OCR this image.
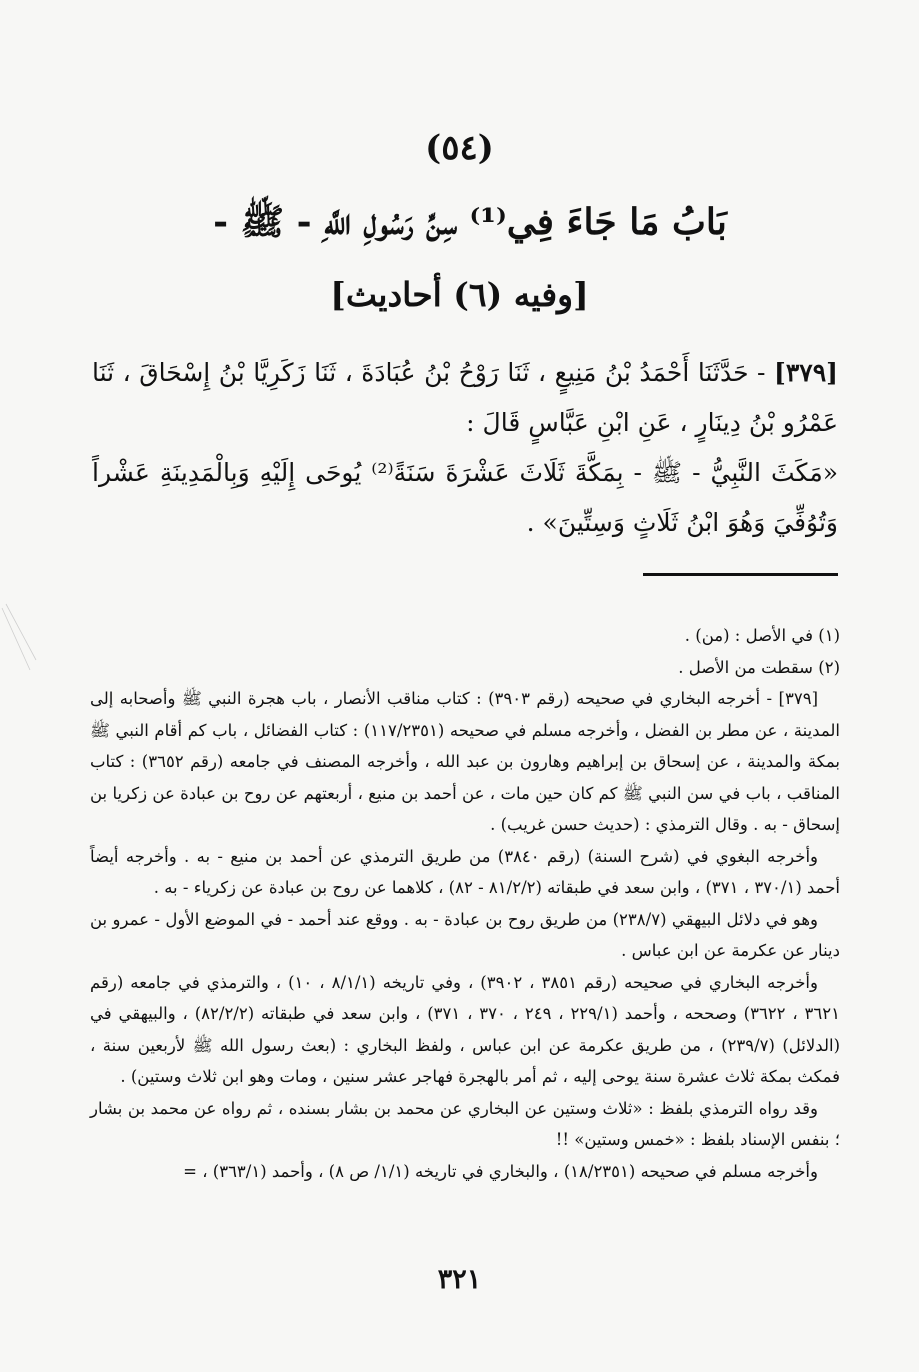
(٥٤)
بَابُ مَا جَاءَ فِي⁽¹⁾ سِنِّ رَسُولِ اللَّهِ - ﷺ -
[وفيه (٦) أحاديث]

[٣٧٩] - حَدَّثَنَا أَحْمَدُ بْنُ مَنِيعٍ ، ثَنَا رَوْحُ بْنُ عُبَادَةَ ، ثَنَا زَكَرِيَّا بْنُ إِسْحَاقَ ، ثَنَا عَمْرُو بْنُ دِينَارٍ ، عَنِ ابْنِ عَبَّاسٍ قَالَ :

«مَكَثَ النَّبِيُّ - ﷺ - بِمَكَّةَ ثَلَاثَ عَشْرَةَ سَنَةً⁽²⁾ يُوحَى إِلَيْهِ وَبِالْمَدِينَةِ عَشْراً وَتُوُفِّيَ وَهُوَ ابْنُ ثَلَاثٍ وَسِتِّينَ» .

(١) في الأصل : (من) .

(٢) سقطت من الأصل .

[٣٧٩] - أخرجه البخاري في صحيحه (رقم ٣٩٠٣) : كتاب مناقب الأنصار ، باب هجرة النبي ﷺ وأصحابه إلى المدينة ، عن مطر بن الفضل ، وأخرجه مسلم في صحيحه (١١٧/٢٣٥١) : كتاب الفضائل ، باب كم أقام النبي ﷺ بمكة والمدينة ، عن إسحاق بن إبراهيم وهارون بن عبد الله ، وأخرجه المصنف في جامعه (رقم ٣٦٥٢) : كتاب المناقب ، باب في سن النبي ﷺ كم كان حين مات ، عن أحمد بن منيع ، أربعتهم عن روح بن عبادة عن زكريا بن إسحاق - به . وقال الترمذي : (حديث حسن غريب) .

وأخرجه البغوي في (شرح السنة) (رقم ٣٨٤٠) من طريق الترمذي عن أحمد بن منيع - به . وأخرجه أيضاً أحمد (٣٧٠/١ ، ٣٧١) ، وابن سعد في طبقاته (٨١/٢/٢ - ٨٢) ، كلاهما عن روح بن عبادة عن زكرياء - به .

وهو في دلائل البيهقي (٢٣٨/٧) من طريق روح بن عبادة - به . ووقع عند أحمد - في الموضع الأول - عمرو بن دينار عن عكرمة عن ابن عباس .

وأخرجه البخاري في صحيحه (رقم ٣٨٥١ ، ٣٩٠٢) ، وفي تاريخه (٨/١/١ ، ١٠) ، والترمذي في جامعه (رقم ٣٦٢١ ، ٣٦٢٢) وصححه ، وأحمد (٢٢٩/١ ، ٢٤٩ ، ٣٧٠ ، ٣٧١) ، وابن سعد في طبقاته (٨٢/٢/٢) ، والبيهقي في (الدلائل) (٢٣٩/٧) ، من طريق عكرمة عن ابن عباس ، ولفظ البخاري : (بعث رسول الله ﷺ لأربعين سنة ، فمكث بمكة ثلاث عشرة سنة يوحى إليه ، ثم أمر بالهجرة فهاجر عشر سنين ، ومات وهو ابن ثلاث وستين) .

وقد رواه الترمذي بلفظ : «ثلاث وستين عن البخاري عن محمد بن بشار بسنده ، ثم رواه عن محمد بن بشار ؛ بنفس الإسناد بلفظ : «خمس وستين» !!

وأخرجه مسلم في صحيحه (١٨/٢٣٥١) ، والبخاري في تاريخه (١/١/ ص ٨) ، وأحمد (٣٦٣/١) ، =

٣٢١
